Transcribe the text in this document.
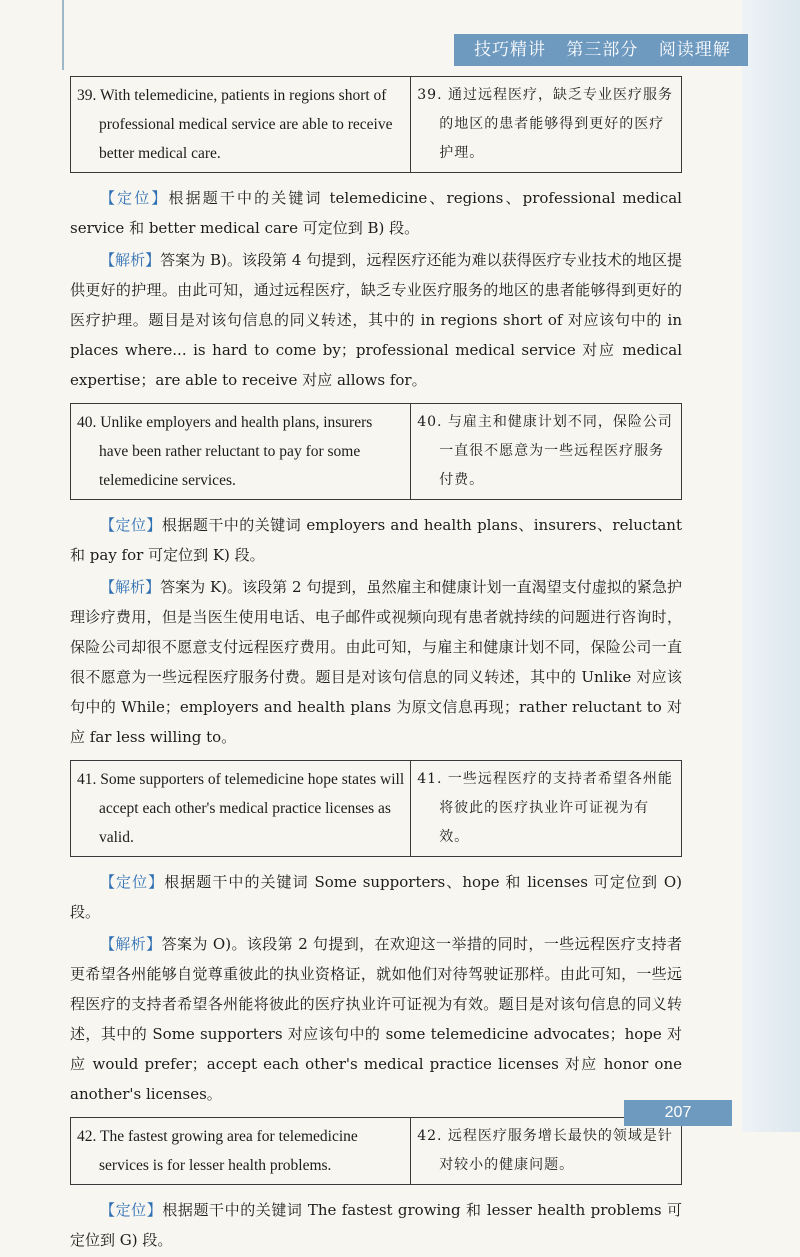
技巧精讲 第三部分 阅读理解
39. With telemedicine, patients in regions short of professional medical service are able to receive better medical care.

39. 通过远程医疗，缺乏专业医疗服务的地区的患者能够得到更好的医疗护理。

【定位】根据题干中的关键词 telemedicine、regions、professional medical service 和 better medical care 可定位到 B) 段。

【解析】答案为 B)。该段第 4 句提到，远程医疗还能为难以获得医疗专业技术的地区提供更好的护理。由此可知，通过远程医疗，缺乏专业医疗服务的地区的患者能够得到更好的医疗护理。题目是对该句信息的同义转述，其中的 in regions short of 对应该句中的 in places where... is hard to come by；professional medical service 对应 medical expertise；are able to receive 对应 allows for。

40. Unlike employers and health plans, insurers have been rather reluctant to pay for some telemedicine services.

40. 与雇主和健康计划不同，保险公司一直很不愿意为一些远程医疗服务付费。

【定位】根据题干中的关键词 employers and health plans、insurers、reluctant 和 pay for 可定位到 K) 段。

【解析】答案为 K)。该段第 2 句提到，虽然雇主和健康计划一直渴望支付虚拟的紧急护理诊疗费用，但是当医生使用电话、电子邮件或视频向现有患者就持续的问题进行咨询时，保险公司却很不愿意支付远程医疗费用。由此可知，与雇主和健康计划不同，保险公司一直很不愿意为一些远程医疗服务付费。题目是对该句信息的同义转述，其中的 Unlike 对应该句中的 While；employers and health plans 为原文信息再现；rather reluctant to 对应 far less willing to。

41. Some supporters of telemedicine hope states will accept each other's medical practice licenses as valid.

41. 一些远程医疗的支持者希望各州能将彼此的医疗执业许可证视为有效。

【定位】根据题干中的关键词 Some supporters、hope 和 licenses 可定位到 O) 段。

【解析】答案为 O)。该段第 2 句提到，在欢迎这一举措的同时，一些远程医疗支持者更希望各州能够自觉尊重彼此的执业资格证，就如他们对待驾驶证那样。由此可知，一些远程医疗的支持者希望各州能将彼此的医疗执业许可证视为有效。题目是对该句信息的同义转述，其中的 Some supporters 对应该句中的 some telemedicine advocates；hope 对应 would prefer；accept each other's medical practice licenses 对应 honor one another's licenses。

42. The fastest growing area for telemedicine services is for lesser health problems.

42. 远程医疗服务增长最快的领域是针对较小的健康问题。

【定位】根据题干中的关键词 The fastest growing 和 lesser health problems 可定位到 G) 段。

207
